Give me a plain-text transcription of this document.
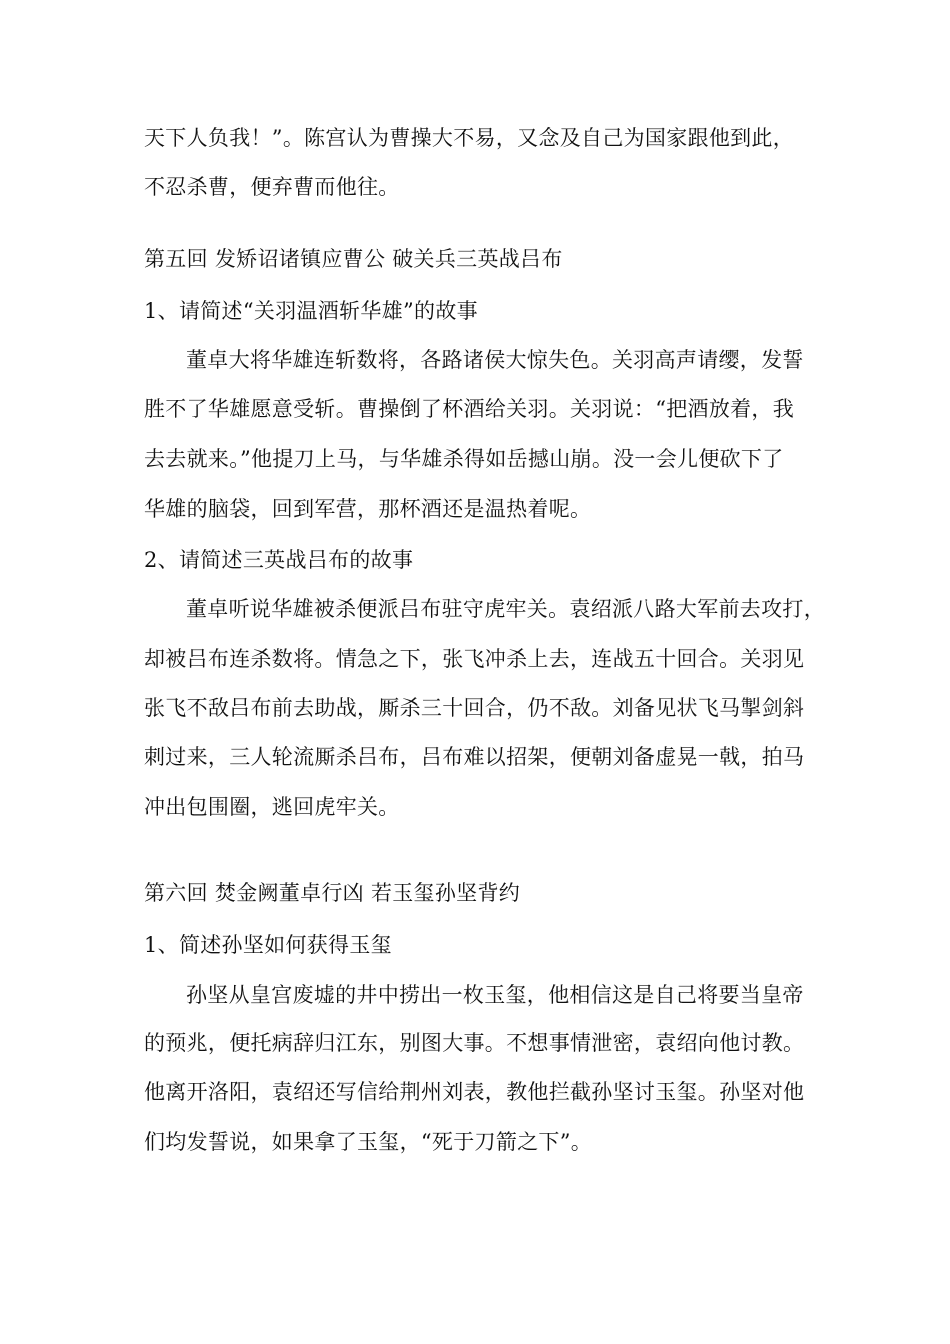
天下人负我！”。陈宫认为曹操大不易，又念及自己为国家跟他到此，
不忍杀曹，便弃曹而他往。
第五回 发矫诏诸镇应曹公 破关兵三英战吕布
1、请简述“关羽温酒斩华雄”的故事
董卓大将华雄连斩数将，各路诸侯大惊失色。关羽高声请缨，发誓
胜不了华雄愿意受斩。曹操倒了杯酒给关羽。关羽说：“把酒放着，我
去去就来。”他提刀上马，与华雄杀得如岳撼山崩。没一会儿便砍下了
华雄的脑袋，回到军营，那杯酒还是温热着呢。
2、请简述三英战吕布的故事
董卓听说华雄被杀便派吕布驻守虎牢关。袁绍派八路大军前去攻打，
却被吕布连杀数将。情急之下，张飞冲杀上去，连战五十回合。关羽见
张飞不敌吕布前去助战，厮杀三十回合，仍不敌。刘备见状飞马掣剑斜
刺过来，三人轮流厮杀吕布，吕布难以招架，便朝刘备虚晃一戟，拍马
冲出包围圈，逃回虎牢关。
第六回 焚金阙董卓行凶 若玉玺孙坚背约
1、简述孙坚如何获得玉玺
孙坚从皇宫废墟的井中捞出一枚玉玺，他相信这是自己将要当皇帝
的预兆，便托病辞归江东，别图大事。不想事情泄密，袁绍向他讨教。
他离开洛阳，袁绍还写信给荆州刘表，教他拦截孙坚讨玉玺。孙坚对他
们均发誓说，如果拿了玉玺，“死于刀箭之下”。
